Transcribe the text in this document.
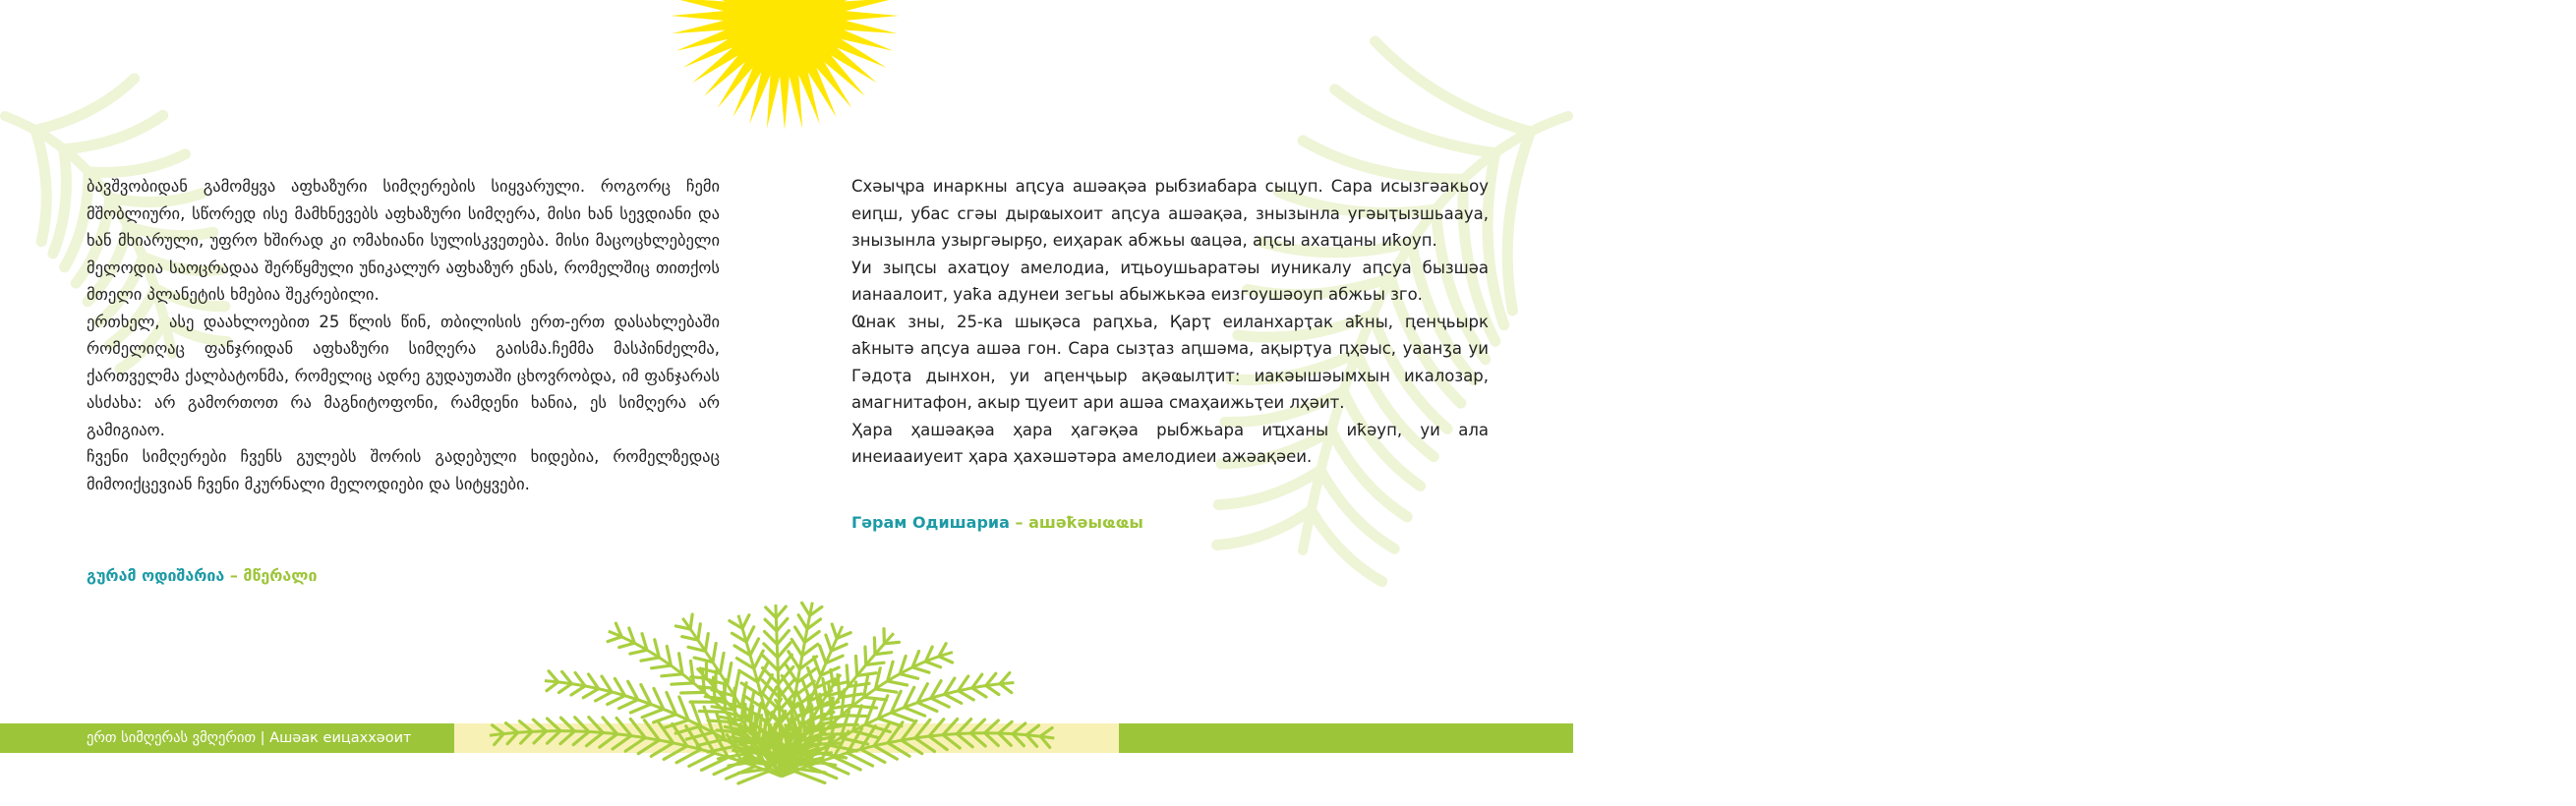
ერთ სიმღერას ვმღერით | Ашәак еицаххәоит	ერთ სიმღერას ვმღერით | Ашәак еицаххәоит

ბავშვობიდან გამომყვა აფხაზური სიმღერების სიყვარული. როგორც ჩემი მშობლიური, სწორედ ისე მამხნევებს აფხაზური სიმღერა, მისი ხან სევდიანი და ხან მხიარული, უფრო ხშირად კი ომახიანი სულისკვეთება. მისი მაცოცხლებელი მელოდია საოცრადაა შერწყმული უნიკალურ აფხაზურ ენას, რომელშიც თითქოს მთელი პლანეტის ხმებია შეკრებილი.

ერთხელ, ასე დაახლოებით 25 წლის წინ, თბილისის ერთ-ერთ დასახლებაში რომელიღაც ფანჯრიდან აფხაზური სიმღერა გაისმა.ჩემმა მასპინძელმა, ქართველმა ქალბატონმა, რომელიც ადრე გუდაუთაში ცხოვრობდა, იმ ფანჯარას ასძახა: არ გამორთოთ რა მაგნიტოფონი, რამდენი ხანია, ეს სიმღერა არ გამიგიაო.

ჩვენი სიმღერები ჩვენს გულებს შორის გადებული ხიდებია, რომელზედაც მიმოიქცევიან ჩვენი მკურნალი მელოდიები და სიტყვები.

გურამ ოდიშარია – მწერალი

Схәыҷра инаркны аԥсуа ашәақәа рыбзиабара сыцуп. Сара исызгәакьоу еиԥш, убас сгәы дырҩыхоит аԥсуа ашәақәа, знызынла угәыҭызшьаауа, знызынла узыргәырҕо, еиҳарак абжьы ҩацәа, аԥсы ахаҵаны иҟоуп.

Уи зыԥсы ахаҵоу амелодиа, иҵьоушьаратәы иуникалу аԥсуа бызшәа ианаалоит, уаҟа адунеи зегьы абыжькәа еизгоушәоуп абжьы зго.

Ҩнак зны, 25-ка шықәса раԥхьа, Қарҭ еиланхарҭак аҟны, ԥенҷьырк аҟнытә аԥсуа ашәа гон. Сара сызҭаз аԥшәма, ақырҭуа ԥҳәыс, уаанӡа уи Гәдоҭа дынхон, уи аԥенҷьыр ақәҩылҭит: иакәышәымхын икалозар, амагнитафон, акыр ҵуеит ари ашәа смаҳаижьҭеи лҳәит.

Ҳара ҳашәақәа ҳара ҳагәқәа рыбжьара иҵханы иҟәуп, уи ала инеиааиуеит ҳара ҳахәшәтәра амелодиеи ажәақәеи.

Гәрам Одишариа – ашәҟәыҩҩы
